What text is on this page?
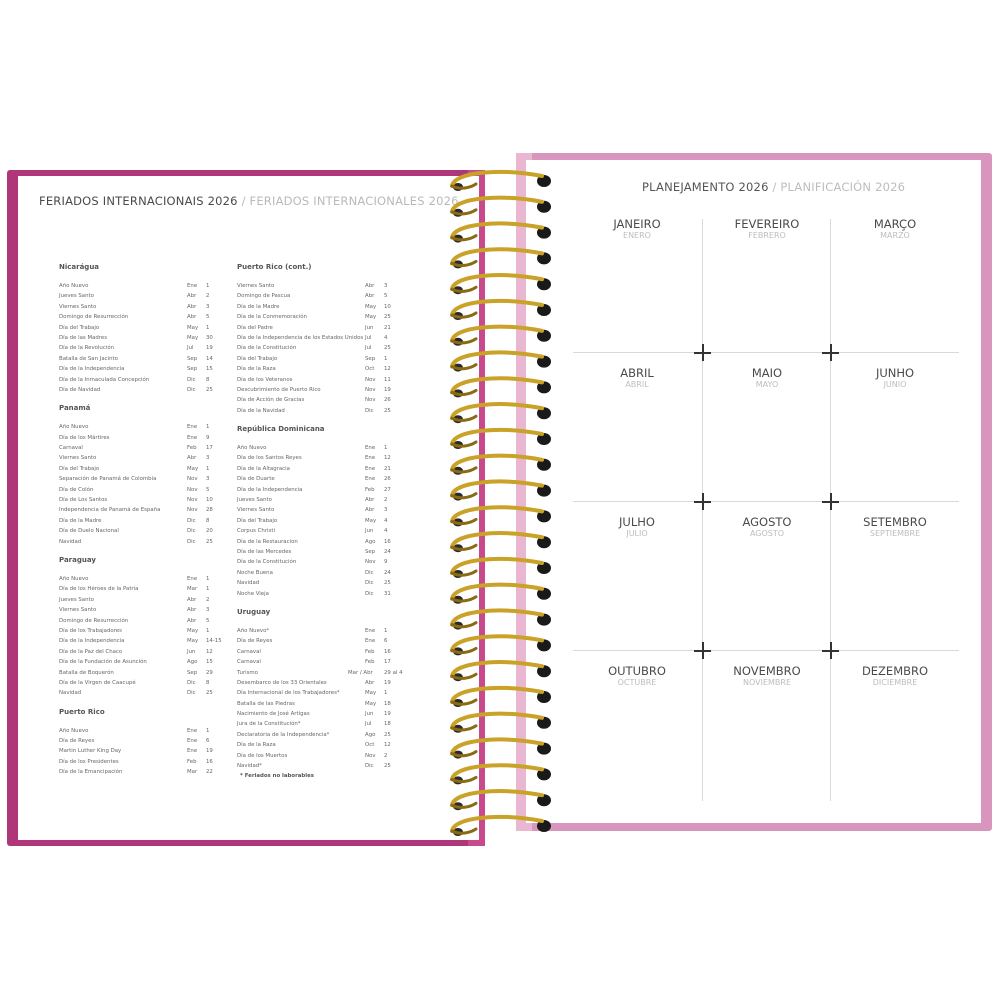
FERIADOS INTERNACIONAIS 2026 / FERIADOS INTERNACIONALES 2026
Nicarágua
Año Nuevo	Ene 1
Jueves Santo	Abr 2
Viernes Santo	Abr 3
Domingo de Resurrección	Abr 5
Día del Trabajo	May 1
Día de las Madres	May 30
Día de la Revolución	Jul 19
Batalla de San Jacinto	Sep 14
Día de la Independencia	Sep 15
Día de la Inmaculada Concepción	Dic 8
Día de Navidad	Dic 25
Panamá
Año Nuevo	Ene 1
Día de los Mártires	Ene 9
Carnaval	Feb 17
Viernes Santo	Abr 3
Día del Trabajo	May 1
Separación de Panamá de Colombia	Nov 3
Día de Colón	Nov 5
Día de Los Santos	Nov 10
Independencia de Panamá de España	Nov 28
Día de la Madre	Dic 8
Día de Duelo Nacional	Dic 20
Navidad	Dic 25
Paraguay
Año Nuevo	Ene 1
Día de los Héroes de la Patria	Mar 1
Jueves Santo	Abr 2
Viernes Santo	Abr 3
Domingo de Resurrección	Abr 5
Día de los Trabajadores	May 1
Día de la Independencia	May 14-15
Día de la Paz del Chaco	Jun 12
Día de la Fundación de Asunción	Ago 15
Batalla de Boquerón	Sep 29
Día de la Virgen de Caacupé	Dic 8
Navidad	Dic 25
Puerto Rico
Año Nuevo	Ene 1
Día de Reyes	Ene 6
Martin Luther King Day	Ene 19
Día de los Presidentes	Feb 16
Día de la Emancipación	Mar 22
Puerto Rico (cont.)
Viernes Santo	Abr 3
Domingo de Pascua	Abr 5
Día de la Madre	May 10
Día de la Conmemoración	May 25
Día del Padre	Jun 21
Día de la Independencia de los Estados Unidos Jul 4
Día de la Constitución	Jul 25
Día del Trabajo	Sep 1
Día de la Raza	Oct 12
Día de los Veteranos	Nov 11
Descubrimiento de Puerto Rico	Nov 19
Día de Acción de Gracias	Nov 26
Día de la Navidad	Dic 25
República Dominicana
Año Nuevo	Ene 1
Día de los Santos Reyes	Ene 12
Día de la Altagracia	Ene 21
Día de Duarte	Ene 26
Día de la Independencia	Feb 27
Jueves Santo	Abr 2
Viernes Santo	Abr 3
Día del Trabajo	May 4
Corpus Christi	Jun 4
Día de la Restauracion	Ago 16
Día de las Mercedes	Sep 24
Día de la Constitución	Nov 9
Noche Buena	Dic 24
Navidad	Dic 25
Noche Vieja	Dic 31
Uruguay
Año Nuevo*	Ene 1
Día de Reyes	Ene 6
Carnaval	Feb 16
Carnaval	Feb 17
Turismo	Mar / Abr 29 al 4
Desembarco de los 33 Orientales	Abr 19
Día Internacional de los Trabajadores*	May 1
Batalla de las Piedras	May 18
Nacimiento de José Artigas	Jun 19
Jura de la Constitución*	Jul 18
Declaratoria de la Independencia*	Ago 25
Día de la Raza	Oct 12
Día de los Muertos	Nov 2
Navidad*	Dic 25
* Feriados no laborables
PLANEJAMENTO 2026 / PLANIFICACIÓN 2026
JANEIRO
ENERO
FEVEREIRO
FEBRERO
MARÇO
MARZO
ABRIL
ABRIL
MAIO
MAYO
JUNHO
JUNIO
JULHO
JULIO
AGOSTO
AGOSTO
SETEMBRO
SEPTIEMBRE
OUTUBRO
OCTUBRE
NOVEMBRO
NOVIEMBRE
DEZEMBRO
DICIEMBRE
